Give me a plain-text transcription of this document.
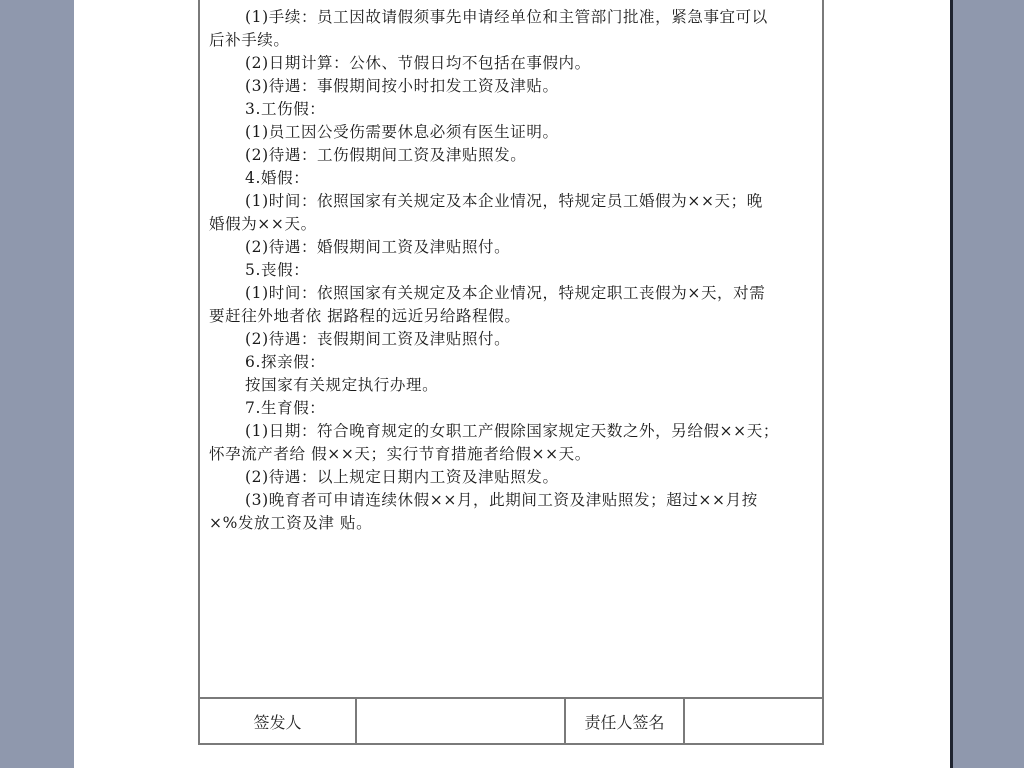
(1)手续：员工因故请假须事先申请经单位和主管部门批准，紧急事宜可以
后补手续。
(2)日期计算：公休、节假日均不包括在事假内。
(3)待遇：事假期间按小时扣发工资及津贴。
3.工伤假：
(1)员工因公受伤需要休息必须有医生证明。
(2)待遇：工伤假期间工资及津贴照发。
4.婚假：
(1)时间：依照国家有关规定及本企业情况，特规定员工婚假为××天；晚
婚假为××天。
(2)待遇：婚假期间工资及津贴照付。
5.丧假：
(1)时间：依照国家有关规定及本企业情况，特规定职工丧假为×天，对需
要赶往外地者依 据路程的远近另给路程假。
(2)待遇：丧假期间工资及津贴照付。
6.探亲假：
按国家有关规定执行办理。
7.生育假：
(1)日期：符合晚育规定的女职工产假除国家规定天数之外，另给假××天；
怀孕流产者给 假××天；实行节育措施者给假××天。
(2)待遇：以上规定日期内工资及津贴照发。
(3)晚育者可申请连续休假××月，此期间工资及津贴照发；超过××月按
×%发放工资及津 贴。
签发人	责任人签名
